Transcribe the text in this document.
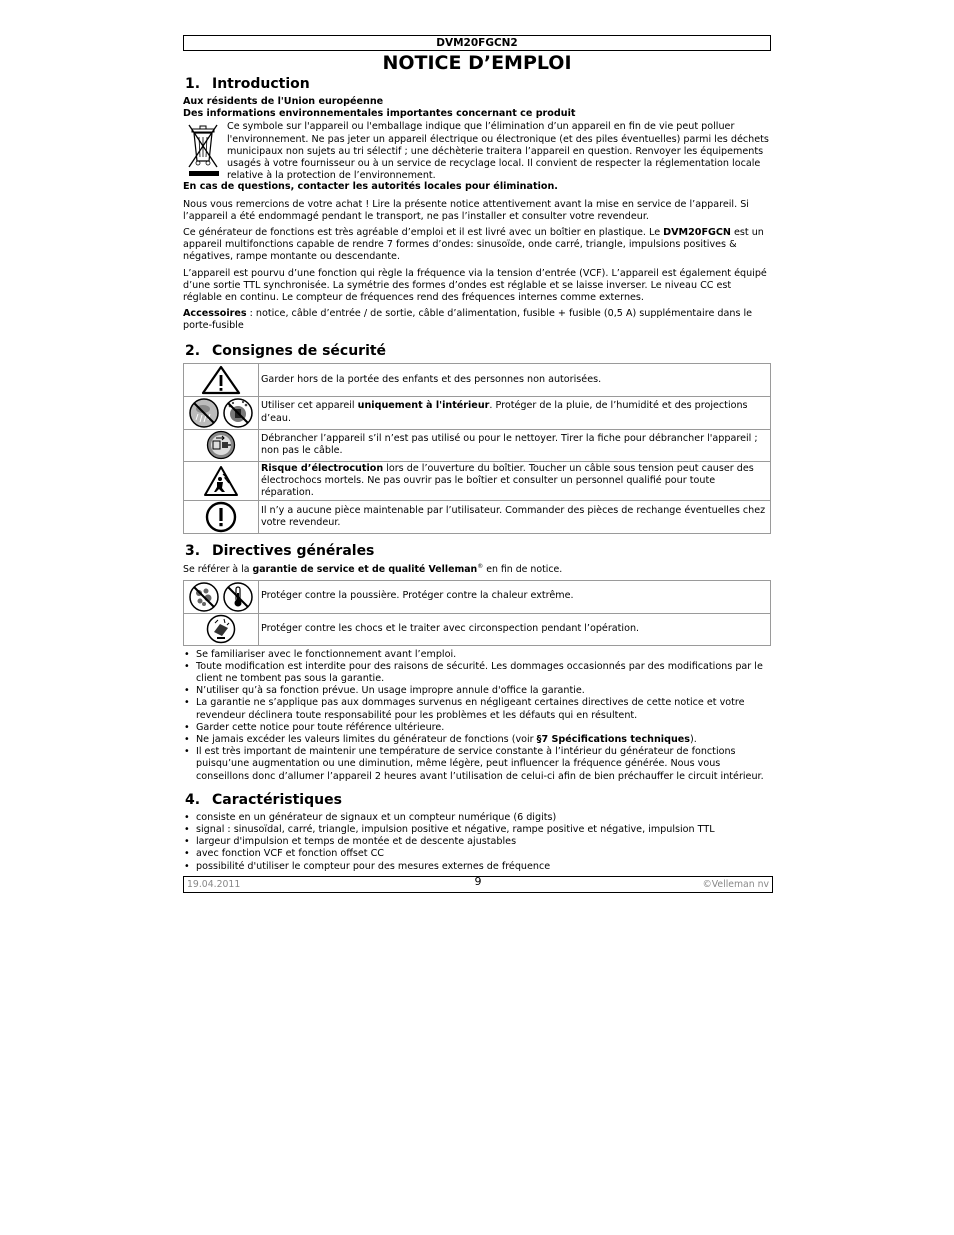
DVM20FGCN2
NOTICE D’EMPLOI
1. Introduction

Aux résidents de l'Union européenne

Des informations environnementales importantes concernant ce produit

Ce symbole sur l'appareil ou l'emballage indique que l’élimination d’un appareil en fin de vie peut polluer l'environnement. Ne pas jeter un appareil électrique ou électronique (et des piles éventuelles) parmi les déchets municipaux non sujets au tri sélectif ; une déchèterie traitera l’appareil en question. Renvoyer les équipements usagés à votre fournisseur ou à un service de recyclage local. Il convient de respecter la réglementation locale relative à la protection de l’environnement.

En cas de questions, contacter les autorités locales pour élimination.

Nous vous remercions de votre achat ! Lire la présente notice attentivement avant la mise en service de l’appareil. Si l’appareil a été endommagé pendant le transport, ne pas l’installer et consulter votre revendeur.

Ce générateur de fonctions est très agréable d’emploi et il est livré avec un boîtier en plastique. Le DVM20FGCN est un appareil multifonctions capable de rendre 7 formes d’ondes: sinusoïde, onde carré, triangle, impulsions positives & négatives, rampe montante ou descendante.

L’appareil est pourvu d’une fonction qui règle la fréquence via la tension d’entrée (VCF). L’appareil est également équipé d’une sortie TTL synchronisée. La symétrie des formes d’ondes est réglable et se laisse inverser. Le niveau CC est réglable en continu. Le compteur de fréquences rend des fréquences internes comme externes.

Accessoires : notice, câble d’entrée / de sortie, câble d’alimentation, fusible + fusible (0,5 A) supplémentaire dans le porte-fusible

2. Consignes de sécurité
	Garder hors de la portée des enfants et des personnes non autorisées.

	Utiliser cet appareil uniquement à l'intérieur. Protéger de la pluie, de l’humidité et des projections d’eau.

	Débrancher l’appareil s’il n’est pas utilisé ou pour le nettoyer. Tirer la fiche pour débrancher l'appareil ; non pas le câble.

	Risque d’électrocution lors de l’ouverture du boîtier. Toucher un câble sous tension peut causer des électrochocs mortels. Ne pas ouvrir pas le boîtier et consulter un personnel qualifié pour toute réparation.

	Il n’y a aucune pièce maintenable par l’utilisateur. Commander des pièces de rechange éventuelles chez votre revendeur.
3. Directives générales

Se référer à la garantie de service et de qualité Velleman® en fin de notice.

	Protéger contre la poussière. Protéger contre la chaleur extrême.

	Protéger contre les chocs et le traiter avec circonspection pendant l’opération.
• Se familiariser avec le fonctionnement avant l’emploi.
• Toute modification est interdite pour des raisons de sécurité. Les dommages occasionnés par des modifications par le client ne tombent pas sous la garantie.
• N’utiliser qu’à sa fonction prévue. Un usage impropre annule d'office la garantie.
• La garantie ne s’applique pas aux dommages survenus en négligeant certaines directives de cette notice et votre revendeur déclinera toute responsabilité pour les problèmes et les défauts qui en résultent.
• Garder cette notice pour toute référence ultérieure.
• Ne jamais excéder les valeurs limites du générateur de fonctions (voir §7 Spécifications techniques).
• Il est très important de maintenir une température de service constante à l’intérieur du générateur de fonctions puisqu’une augmentation ou une diminution, même légère, peut influencer la fréquence générée. Nous vous conseillons donc d’allumer l’appareil 2 heures avant l’utilisation de celui-ci afin de bien préchauffer le circuit intérieur.
4. Caractéristiques
• consiste en un générateur de signaux et un compteur numérique (6 digits)
• signal : sinusoïdal, carré, triangle, impulsion positive et négative, rampe positive et négative, impulsion TTL
• largeur d'impulsion et temps de montée et de descente ajustables
• avec fonction VCF et fonction offset CC
• possibilité d'utiliser le compteur pour des mesures externes de fréquence
19.04.2011	9	©Velleman nv
